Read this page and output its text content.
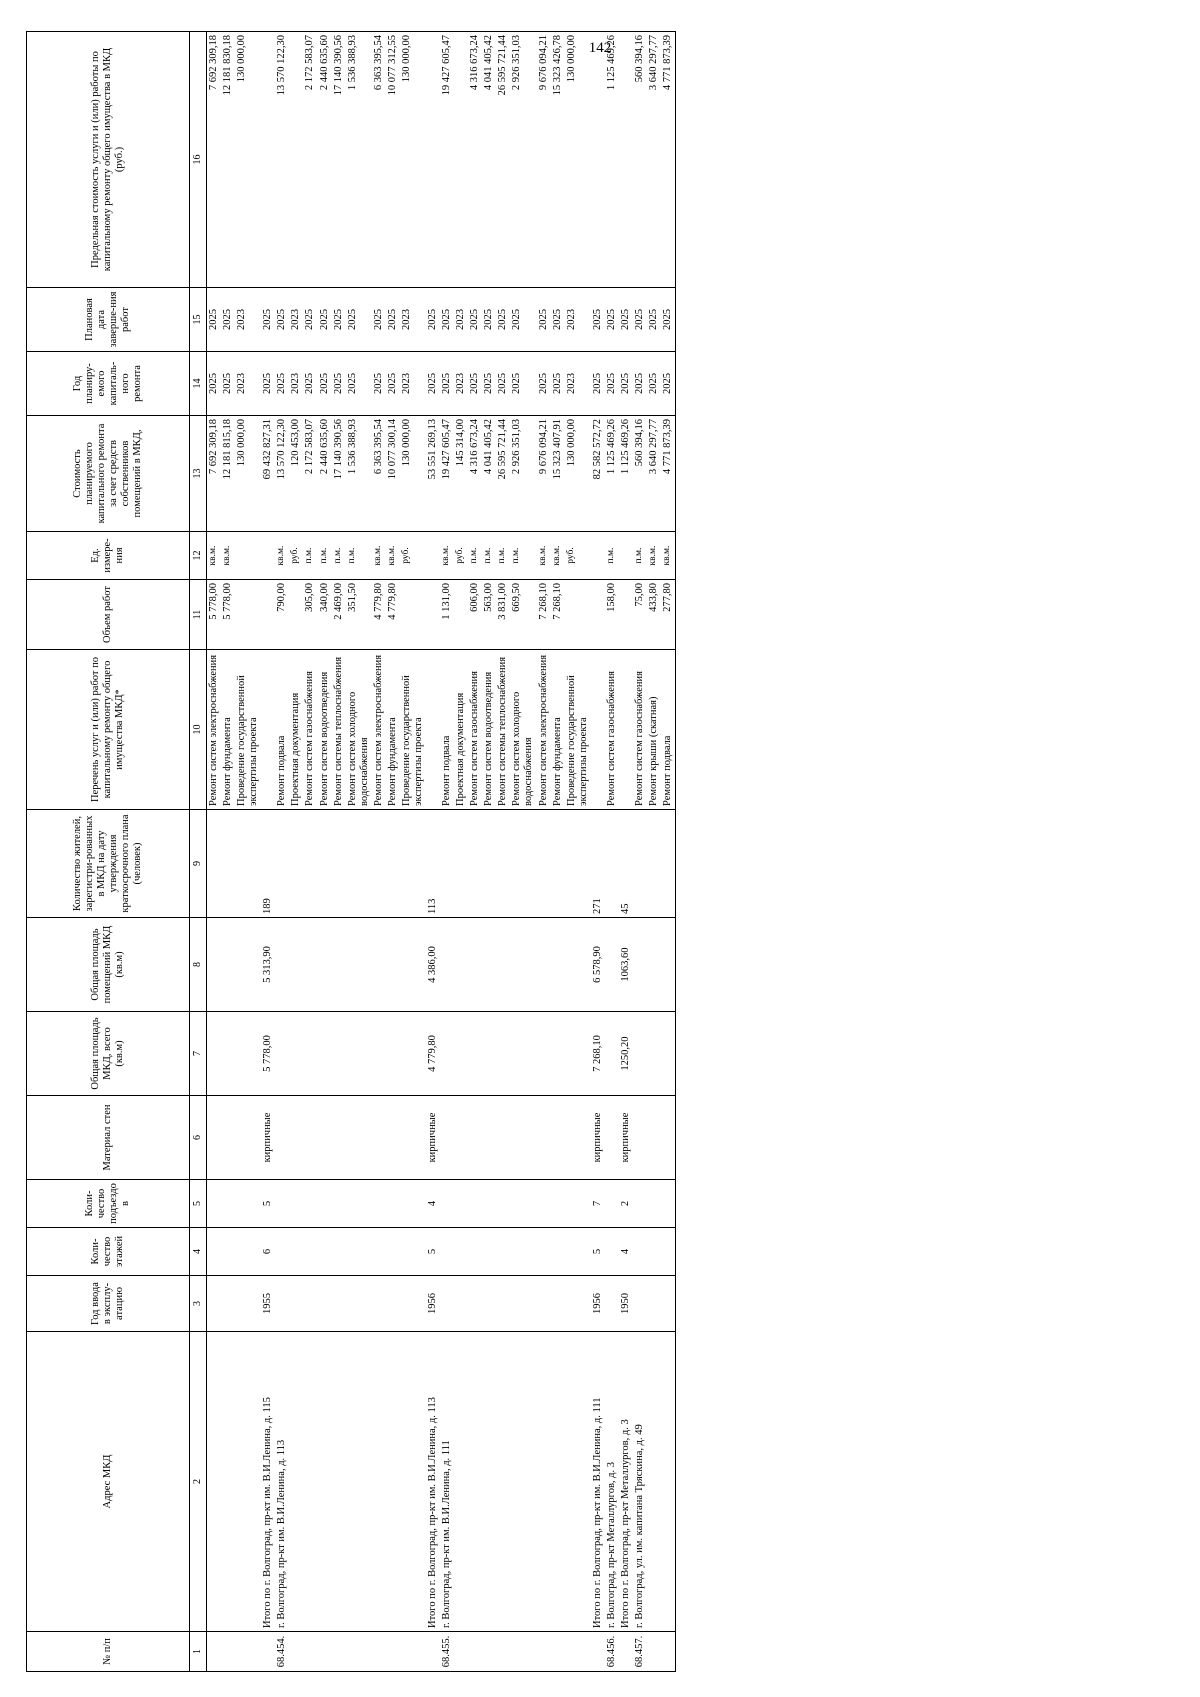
142
№ п/п	Адрес МКД	Год ввода в эксплу-атацию	Коли-чество этажей	Коли-чество подъездо в	Материал стен	Общая площадь МКД, всего (кв.м)	Общая площадь помещений МКД (кв.м)	Количество жителей, зарегистри-рованных в МКД на дату утверждения краткосрочного плана (человек)	Перечень услуг и (или) работ по капитальному ремонту общего имущества МКД*	Объем работ	Ед. измере-ния	Стоимость планируемого капитального ремонта за счет средств собственников помещений в МКД,	Год планиру-емого капиталь-ного ремонта	Плановая дата заверше-ния работ	Предельная стоимость услуги и (или) работы по капитальному ремонту общего имущества в МКД (руб.)
1	2	3	4	5	6	7	8	9	10	11	12	13	14	15	16
									Ремонт систем электроснабжения	5 778,00	кв.м.	7 692 309,18	2025	2025	7 692 309,18
									Ремонт фундамента	5 778,00	кв.м.	12 181 815,18	2025	2025	12 181 830,18
									Проведение государственной экспертизы проекта			130 000,00	2023	2023	130 000,00
	Итого по г. Волгоград, пр-кт им. В.И.Ленина, д. 115	1955	6	5	кирпичные	5 778,00	5 313,90	189				69 432 827,31	2025	2025	
68.454.	г. Волгоград, пр-кт им. В.И.Ленина, д. 113								Ремонт подвала	790,00	кв.м.	13 570 122,30	2025	2025	13 570 122,30
									Проектная документация		руб.	120 453,00	2023	2023	
									Ремонт систем газоснабжения	305,00	п.м.	2 172 583,07	2025	2025	2 172 583,07
									Ремонт систем водоотведения	340,00	п.м.	2 440 635,60	2025	2025	2 440 635,60
									Ремонт системы теплоснабжения	2 469,00	п.м.	17 140 390,56	2025	2025	17 140 390,56
									Ремонт систем холодного водоснабжения	351,50	п.м.	1 536 388,93	2025	2025	1 536 388,93
									Ремонт систем электроснабжения	4 779,80	кв.м.	6 363 395,54	2025	2025	6 363 395,54
									Ремонт фундамента	4 779,80	кв.м.	10 077 300,14	2025	2025	10 077 312,55
									Проведение государственной экспертизы проекта		руб.	130 000,00	2023	2023	130 000,00
	Итого по г. Волгоград, пр-кт им. В.И.Ленина, д. 113	1956	5	4	кирпичные	4 779,80	4 386,00	113				53 551 269,13	2025	2025	
68.455.	г. Волгоград, пр-кт им. В.И.Ленина, д. 111								Ремонт подвала	1 131,00	кв.м.	19 427 605,47	2025	2025	19 427 605,47
									Проектная документация		руб.	145 314,00	2023	2023	
									Ремонт систем газоснабжения	606,00	п.м.	4 316 673,24	2025	2025	4 316 673,24
									Ремонт систем водоотведения	563,00	п.м.	4 041 405,42	2025	2025	4 041 405,42
									Ремонт системы теплоснабжения	3 831,00	п.м.	26 595 721,44	2025	2025	26 595 721,44
									Ремонт систем холодного водоснабжения	669,50	п.м.	2 926 351,03	2025	2025	2 926 351,03
									Ремонт систем электроснабжения	7 268,10	кв.м.	9 676 094,21	2025	2025	9 676 094,21
									Ремонт фундамента	7 268,10	кв.м.	15 323 407,91	2025	2025	15 323 426,78
									Проведение государственной экспертизы проекта		руб.	130 000,00	2023	2023	130 000,00
	Итого по г. Волгоград, пр-кт им. В.И.Ленина, д. 111	1956	5	7	кирпичные	7 268,10	6 578,90	271				82 582 572,72	2025	2025	
68.456.	г. Волгоград, пр-кт Металлургов, д. 3								Ремонт систем газоснабжения	158,00	п.м.	1 125 469,26	2025	2025	1 125 469,26
	Итого по г. Волгоград, пр-кт Металлургов, д. 3	1950	4	2	кирпичные	1250,20	1063,60	45				1 125 469,26	2025	2025	
68.457.	г. Волгоград, ул. им. капитана Тряскина, д. 49								Ремонт систем газоснабжения	75,00	п.м.	560 394,16	2025	2025	560 394,16
									Ремонт крыши (скатная)	433,80	кв.м.	3 640 297,77	2025	2025	3 640 297,77
									Ремонт подвала	277,80	кв.м.	4 771 873,39	2025	2025	4 771 873,39
